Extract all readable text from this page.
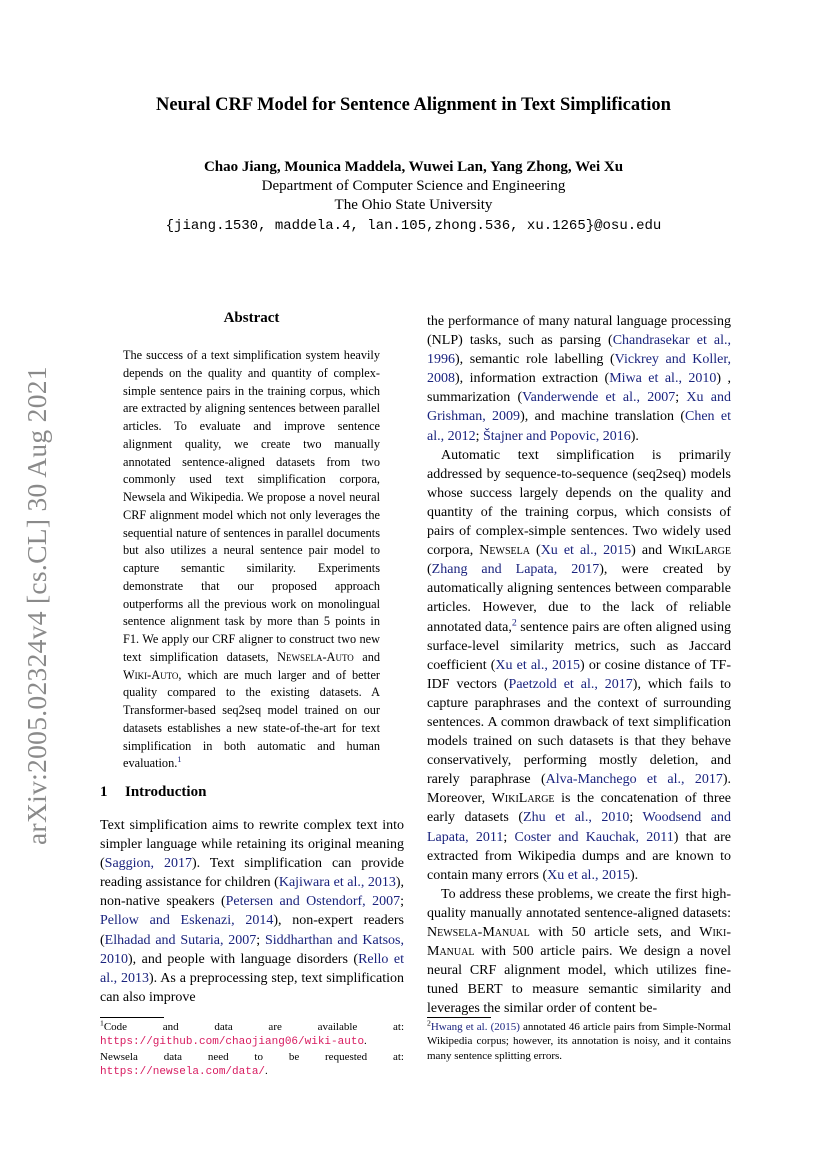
arXiv:2005.02324v4 [cs.CL] 30 Aug 2021
Neural CRF Model for Sentence Alignment in Text Simplification
Chao Jiang, Mounica Maddela, Wuwei Lan, Yang Zhong, Wei Xu
Department of Computer Science and Engineering
The Ohio State University
{jiang.1530, maddela.4, lan.105,zhong.536, xu.1265}@osu.edu
Abstract
The success of a text simplification system heavily depends on the quality and quantity of complex-simple sentence pairs in the training corpus, which are extracted by aligning sentences between parallel articles. To evaluate and improve sentence alignment quality, we create two manually annotated sentence-aligned datasets from two commonly used text simplification corpora, Newsela and Wikipedia. We propose a novel neural CRF alignment model which not only leverages the sequential nature of sentences in parallel documents but also utilizes a neural sentence pair model to capture semantic similarity. Experiments demonstrate that our proposed approach outperforms all the previous work on monolingual sentence alignment task by more than 5 points in F1. We apply our CRF aligner to construct two new text simplification datasets, Newsela-Auto and Wiki-Auto, which are much larger and of better quality compared to the existing datasets. A Transformer-based seq2seq model trained on our datasets establishes a new state-of-the-art for text simplification in both automatic and human evaluation.$^1$
1 Introduction

Text simplification aims to rewrite complex text into simpler language while retaining its original meaning (Saggion, 2017). Text simplification can provide reading assistance for children (Kajiwara et al., 2013), non-native speakers (Petersen and Ostendorf, 2007; Pellow and Eskenazi, 2014), non-expert readers (Elhadad and Sutaria, 2007; Siddharthan and Katsos, 2010), and people with language disorders (Rello et al., 2013). As a preprocessing step, text simplification can also improve

$^1$Code and data are available at: https://github.com/chaojiang06/wiki-auto. Newsela data need to be requested at: https://newsela.com/data/.

the performance of many natural language processing (NLP) tasks, such as parsing (Chandrasekar et al., 1996), semantic role labelling (Vickrey and Koller, 2008), information extraction (Miwa et al., 2010) , summarization (Vanderwende et al., 2007; Xu and Grishman, 2009), and machine translation (Chen et al., 2012; Štajner and Popovic, 2016).

Automatic text simplification is primarily addressed by sequence-to-sequence (seq2seq) models whose success largely depends on the quality and quantity of the training corpus, which consists of pairs of complex-simple sentences. Two widely used corpora, Newsela (Xu et al., 2015) and WikiLarge (Zhang and Lapata, 2017), were created by automatically aligning sentences between comparable articles. However, due to the lack of reliable annotated data,$^2$ sentence pairs are often aligned using surface-level similarity metrics, such as Jaccard coefficient (Xu et al., 2015) or cosine distance of TF-IDF vectors (Paetzold et al., 2017), which fails to capture paraphrases and the context of surrounding sentences. A common drawback of text simplification models trained on such datasets is that they behave conservatively, performing mostly deletion, and rarely paraphrase (Alva-Manchego et al., 2017). Moreover, WikiLarge is the concatenation of three early datasets (Zhu et al., 2010; Woodsend and Lapata, 2011; Coster and Kauchak, 2011) that are extracted from Wikipedia dumps and are known to contain many errors (Xu et al., 2015).

To address these problems, we create the first high-quality manually annotated sentence-aligned datasets: Newsela-Manual with 50 article sets, and Wiki-Manual with 500 article pairs. We design a novel neural CRF alignment model, which utilizes fine-tuned BERT to measure semantic similarity and leverages the similar order of content be-

$^2$Hwang et al. (2015) annotated 46 article pairs from Simple-Normal Wikipedia corpus; however, its annotation is noisy, and it contains many sentence splitting errors.
